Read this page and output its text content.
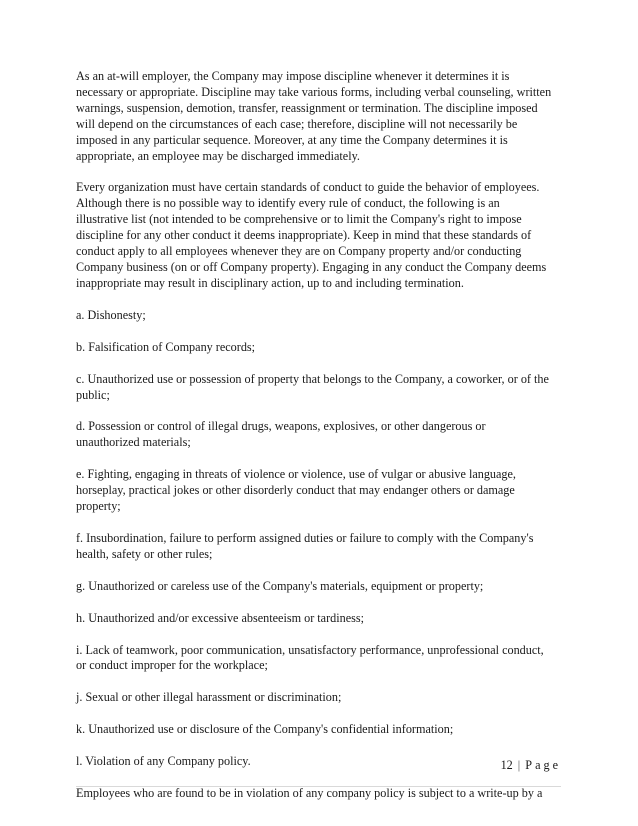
As an at-will employer, the Company may impose discipline whenever it determines it is
necessary or appropriate. Discipline may take various forms, including verbal counseling, written
warnings, suspension, demotion, transfer, reassignment or termination. The discipline imposed
will depend on the circumstances of each case; therefore, discipline will not necessarily be
imposed in any particular sequence. Moreover, at any time the Company determines it is
appropriate, an employee may be discharged immediately.

Every organization must have certain standards of conduct to guide the behavior of employees.
Although there is no possible way to identify every rule of conduct, the following is an
illustrative list (not intended to be comprehensive or to limit the Company's right to impose
discipline for any other conduct it deems inappropriate). Keep in mind that these standards of
conduct apply to all employees whenever they are on Company property and/or conducting
Company business (on or off Company property). Engaging in any conduct the Company deems
inappropriate may result in disciplinary action, up to and including termination.

a. Dishonesty;

b. Falsification of Company records;

c. Unauthorized use or possession of property that belongs to the Company, a coworker, or of the
public;

d. Possession or control of illegal drugs, weapons, explosives, or other dangerous or
unauthorized materials;

e. Fighting, engaging in threats of violence or violence, use of vulgar or abusive language,
horseplay, practical jokes or other disorderly conduct that may endanger others or damage
property;

f. Insubordination, failure to perform assigned duties or failure to comply with the Company's
health, safety or other rules;

g. Unauthorized or careless use of the Company's materials, equipment or property;

h. Unauthorized and/or excessive absenteeism or tardiness;

i. Lack of teamwork, poor communication, unsatisfactory performance, unprofessional conduct,
or conduct improper for the workplace;

j. Sexual or other illegal harassment or discrimination;

k. Unauthorized use or disclosure of the Company's confidential information;

l. Violation of any Company policy.

Employees who are found to be in violation of any company policy is subject to a write-up by a

12 | Page
